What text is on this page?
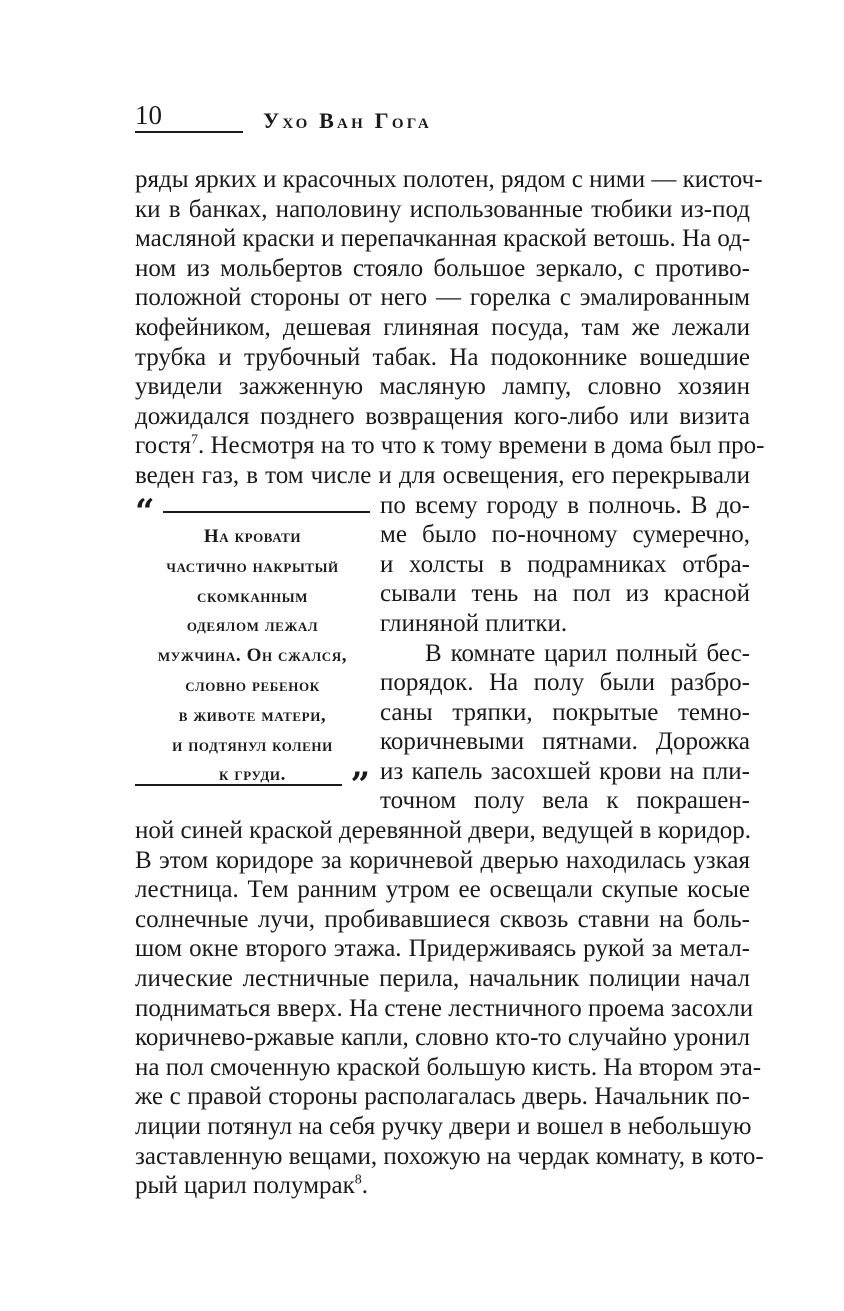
10	Ухо Ван Гога
ряды ярких и красочных полотен, рядом с ними — кисточ-
ки в банках, наполовину использованные тюбики из-под
масляной краски и перепачканная краской ветошь. На од-
ном из мольбертов стояло большое зеркало, с противо-
положной стороны от него — горелка с эмалированным
кофейником, дешевая глиняная посуда, там же лежали
трубка и трубочный табак. На подоконнике вошедшие
увидели зажженную масляную лампу, словно хозяин
дожидался позднего возвращения кого-либо или визита
гостя$^7$. Несмотря на то что к тому времени в дома был про-
веден газ, в том числе и для освещения, его перекрывали
по всему городу в полночь. В до-
ме было по-ночному сумеречно,
и холсты в подрамниках отбра-
сывали тень на пол из красной
глиняной плитки.
В комнате царил полный бес-
порядок. На полу были разбро-
саны тряпки, покрытые темно-
коричневыми пятнами. Дорожка
из капель засохшей крови на пли-
точном полу вела к покрашен-
ной синей краской деревянной двери, ведущей в коридор.
В этом коридоре за коричневой дверью находилась узкая
лестница. Тем ранним утром ее освещали скупые косые
солнечные лучи, пробивавшиеся сквозь ставни на боль-
шом окне второго этажа. Придерживаясь рукой за метал-
лические лестничные перила, начальник полиции начал
подниматься вверх. На стене лестничного проема засохли
коричнево-ржавые капли, словно кто-то случайно уронил
на пол смоченную краской большую кисть. На втором эта-
же с правой стороны располагалась дверь. Начальник по-
лиции потянул на себя ручку двери и вошел в небольшую
заставленную вещами, похожую на чердак комнату, в кото-
рый царил полумрак$^8$.
“
На кровати
частично накрытый
скомканным
одеялом лежал
мужчина. Он сжался,
словно ребенок
в животе матери,
и подтянул колени
к груди.	”
